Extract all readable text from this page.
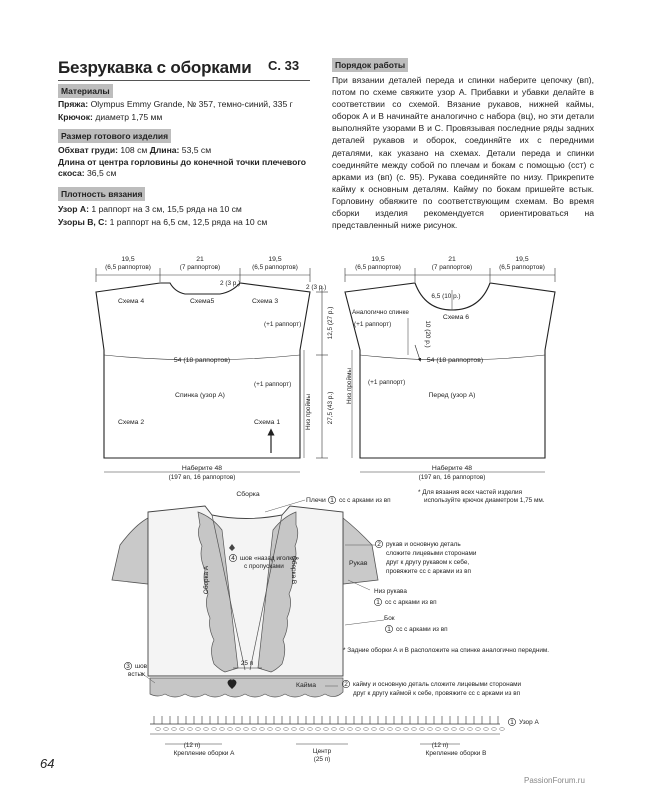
Безрукавка с оборками С. 33
Материалы
Пряжа: Olympus Emmy Grande, № 357, темно-синий, 335 г
Крючок: диаметр 1,75 мм
Размер готового изделия
Обхват груди: 108 см Длина: 53,5 см
Длина от центра горловины до конечной точки плечевого скоса: 36,5 см
Плотность вязания
Узор А: 1 раппорт на 3 см, 15,5 ряда на 10 см
Узоры В, С: 1 раппорт на 6,5 см, 12,5 ряда на 10 см
Порядок работы
При вязании деталей переда и спинки наберите цепочку (вп), потом по схеме свяжите узор А. Прибавки и убавки делайте в соответствии со схемой. Вязание рукавов, нижней каймы, оборок А и В начинайте аналогично с набора (вц), но эти детали выполняйте узорами В и С. Провязывая последние ряды задних деталей рукавов и оборок, соединяйте их с передними деталями, как указано на схемах. Детали переда и спинки соединяйте между собой по плечам и бокам с помощью (сст) с арками из (вп) (с. 95). Рукава соединяйте по низу. Прикрепите кайму к основным деталям. Кайму по бокам пришейте встык. Горловину обвяжите по соответствующим схемам. Во время сборки изделия рекомендуется ориентироваться на представленный ниже рисунок.
19,5
(6,5 раппортов)
21
(7 раппортов)
19,5
(6,5 раппортов)
2 (3 р.)
2 (3 р.)
Схема 4	Схема5	Схема 3
(+1 раппорт)
54 (18 раппортов)
(+1 раппорт)
Спинка (узор А)
Схема 2	Схема 1	Низ проймы
12,5 (27 р.)
27,5 (43 р.)
Наберите 48
(197 вп, 16 раппортов)
19,5
(6,5 раппортов)
21
(7 раппортов)
19,5
(6,5 раппортов)
6,5 (10 р.)
Схема 6
Аналогично спинке
(+1 раппорт)	10 (20 р.)
54 (18 раппортов)
(+1 раппорт)
Перед (узор А)
Низ проймы
Наберите 48
(197 вп, 16 раппортов)
* Для вязания всех частей изделия
используйте крючок диаметром 1,75 мм.
Сборка
Плечи 1 сс с арками из вп
4 шов «назад иголку»
с пропусками
Оборка А	Оборка В	Рукав
2 рукав и основную деталь
сложите лицевыми сторонами
друг к другу рукавом к себе,
провяжите сс с арками из вп
Низ рукава
1 сс с арками из вп
Бок
1 сс с арками из вп
* Задние оборки А и В расположите на спинке аналогично передним.
25 п
3 шов
встык
Кайма	2 кайму и основную деталь сложите лицевыми сторонами
друг к другу каймой к себе, провяжите сс с арками из вп
Узор А
1
(12 п)
Крепление оборки А	Центр
(25 п)
(12 п)
Крепление оборки В
64
PassionForum.ru
